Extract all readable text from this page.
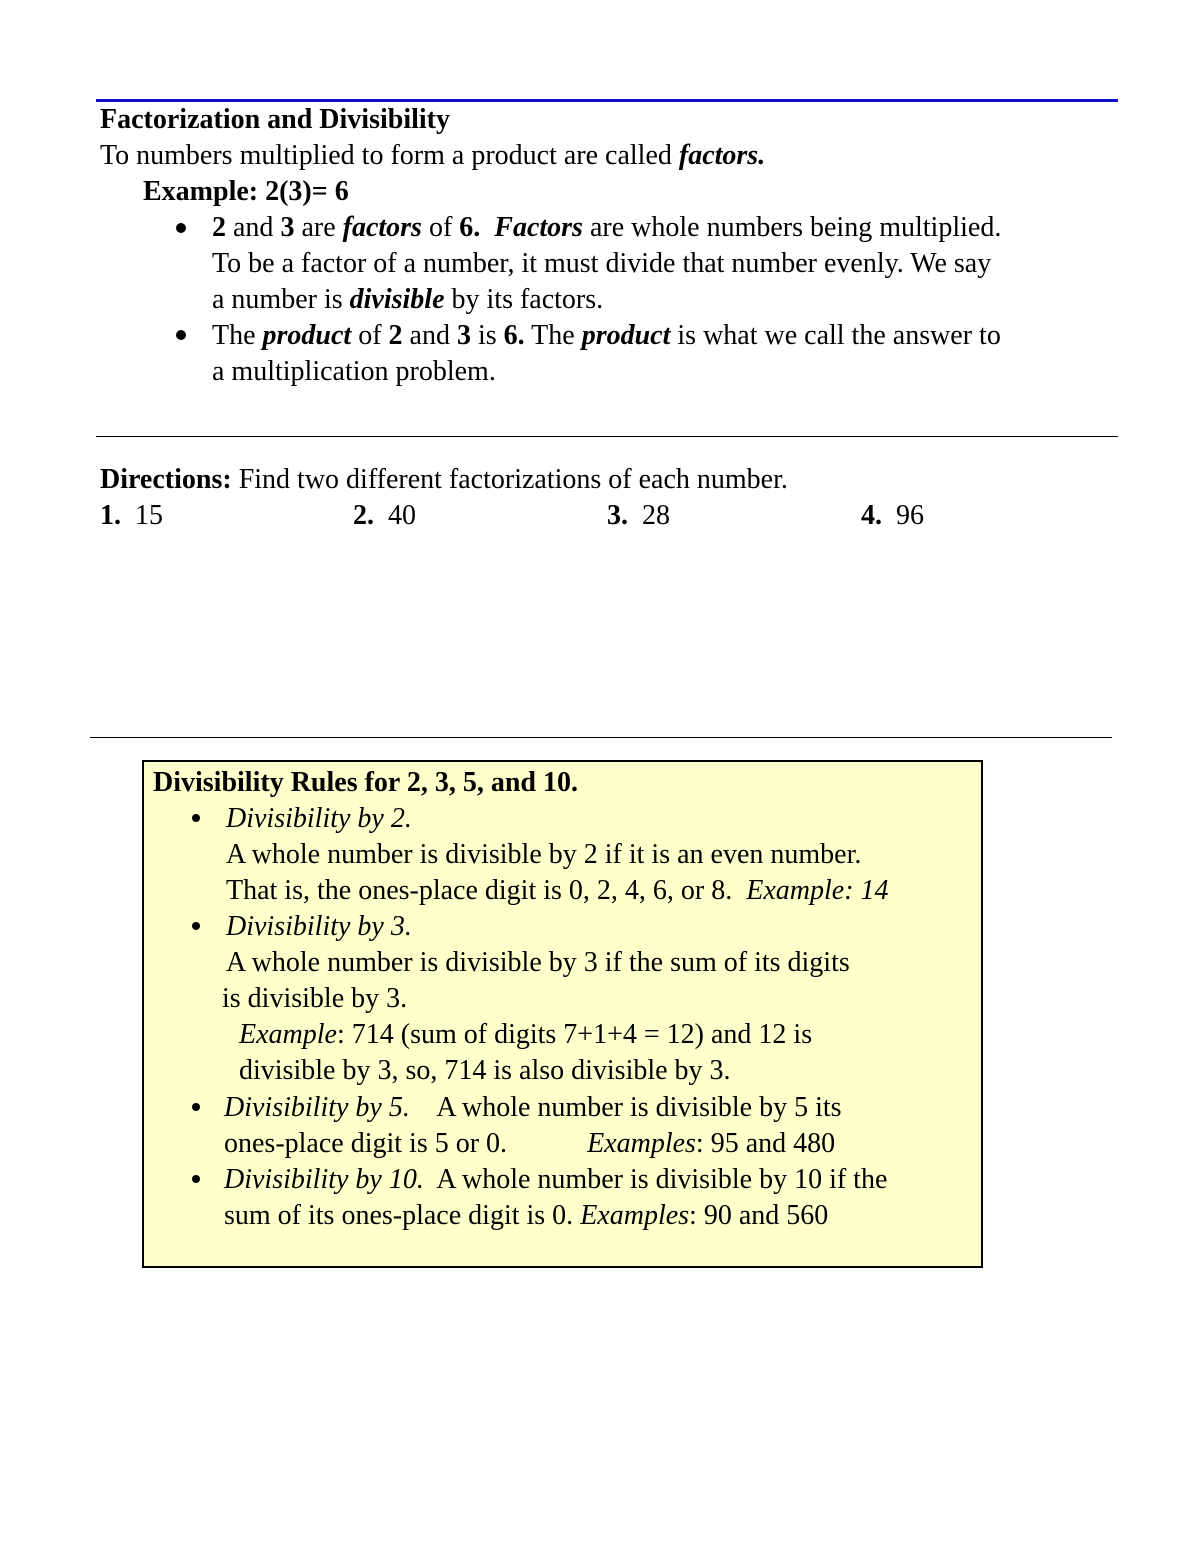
Factorization and Divisibility
To numbers multiplied to form a product are called factors.
Example: 2(3)= 6
2 and 3 are factors of 6. Factors are whole numbers being multiplied.
To be a factor of a number, it must divide that number evenly. We say
a number is divisible by its factors.
The product of 2 and 3 is 6. The product is what we call the answer to
a multiplication problem.
Directions: Find two different factorizations of each number.
1. 15	2. 40	3. 28	4. 96
Divisibility Rules for 2, 3, 5, and 10.
Divisibility by 2.
A whole number is divisible by 2 if it is an even number.
That is, the ones-place digit is 0, 2, 4, 6, or 8.  Example: 14
Divisibility by 3.
A whole number is divisible by 3 if the sum of its digits
is divisible by 3.
Example: 714 (sum of digits 7+1+4 = 12) and 12 is
divisible by 3, so, 714 is also divisible by 3.
Divisibility by 5.    A whole number is divisible by 5 its
ones-place digit is 5 or 0.	Examples: 95 and 480
Divisibility by 10.  A whole number is divisible by 10 if the
sum of its ones-place digit is 0. Examples: 90 and 560
